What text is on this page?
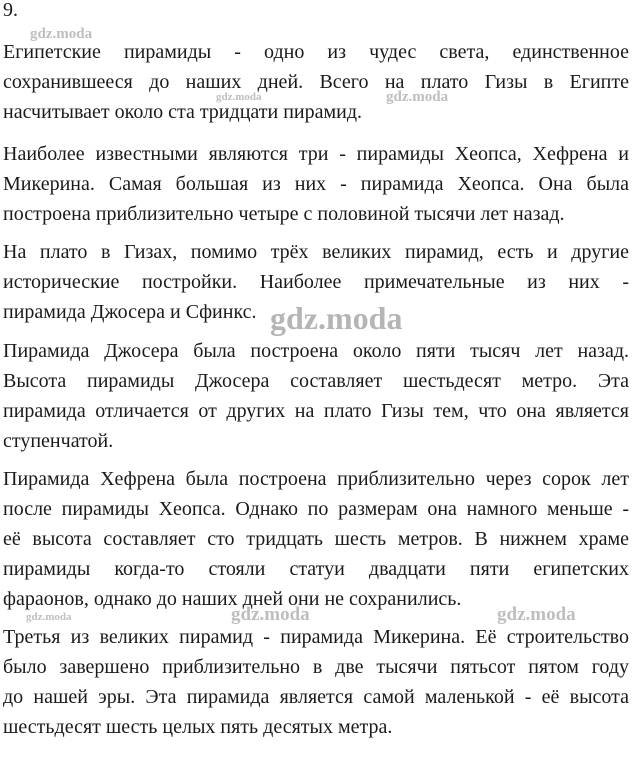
9.
Египетские пирамиды - одно из чудес света, единственное
сохранившееся до наших дней. Всего на плато Гизы в Египте
насчитывает около ста тридцати пирамид.
Наиболее известными являются три - пирамиды Хеопса, Хефрена и
Микерина. Самая большая из них - пирамида Хеопса. Она была
построена приблизительно четыре с половиной тысячи лет назад.
На плато в Гизах, помимо трёх великих пирамид, есть и другие
исторические постройки. Наиболее примечательные из них -
пирамида Джосера и Сфинкс.
Пирамида Джосера была построена около пяти тысяч лет назад.
Высота пирамиды Джосера составляет шестьдесят метро. Эта
пирамида отличается от других на плато Гизы тем, что она является
ступенчатой.
Пирамида Хефрена была построена приблизительно через сорок лет
после пирамиды Хеопса. Однако по размерам она намного меньше -
её высота составляет сто тридцать шесть метров. В нижнем храме
пирамиды когда-то стояли статуи двадцати пяти египетских
фараонов, однако до наших дней они не сохранились.
Третья из великих пирамид - пирамида Микерина. Её строительство
было завершено приблизительно в две тысячи пятьсот пятом году
до нашей эры. Эта пирамида является самой маленькой - её высота
шестьдесят шесть целых пять десятых метра.
gdz.moda
gdz.moda	gdz.moda
gdz.moda
gdz.moda	gdz.moda	gdz.moda
